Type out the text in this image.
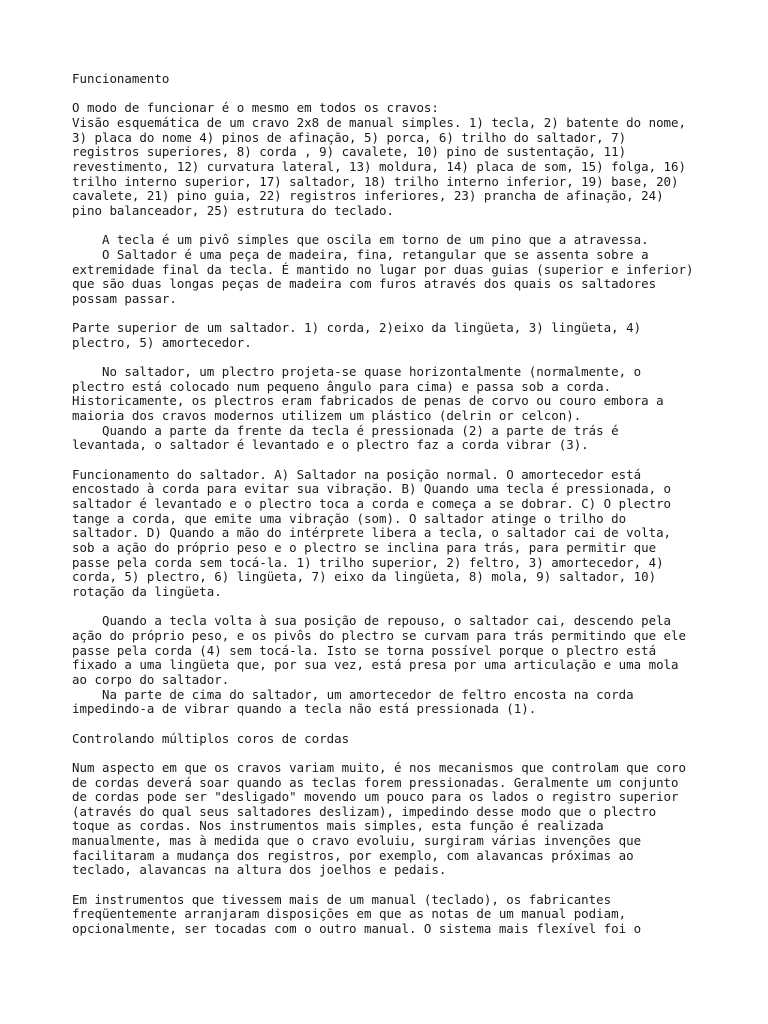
Funcionamento
O modo de funcionar é o mesmo em todos os cravos:
Visão esquemática de um cravo 2x8 de manual simples. 1) tecla, 2) batente do nome,
3) placa do nome 4) pinos de afinação, 5) porca, 6) trilho do saltador, 7)
registros superiores, 8) corda , 9) cavalete, 10) pino de sustentação, 11)
revestimento, 12) curvatura lateral, 13) moldura, 14) placa de som, 15) folga, 16)
trilho interno superior, 17) saltador, 18) trilho interno inferior, 19) base, 20)
cavalete, 21) pino guia, 22) registros inferiores, 23) prancha de afinação, 24)
pino balanceador, 25) estrutura do teclado.
A tecla é um pivô simples que oscila em torno de um pino que a atravessa.
O Saltador é uma peça de madeira, fina, retangular que se assenta sobre a
extremidade final da tecla. É mantido no lugar por duas guias (superior e inferior)
que são duas longas peças de madeira com furos através dos quais os saltadores
possam passar.
Parte superior de um saltador. 1) corda, 2)eixo da lingüeta, 3) lingüeta, 4)
plectro, 5) amortecedor.
No saltador, um plectro projeta-se quase horizontalmente (normalmente, o
plectro está colocado num pequeno ângulo para cima) e passa sob a corda.
Historicamente, os plectros eram fabricados de penas de corvo ou couro embora a
maioria dos cravos modernos utilizem um plástico (delrin or celcon).
Quando a parte da frente da tecla é pressionada (2) a parte de trás é
levantada, o saltador é levantado e o plectro faz a corda vibrar (3).
Funcionamento do saltador. A) Saltador na posição normal. O amortecedor está
encostado à corda para evitar sua vibração. B) Quando uma tecla é pressionada, o
saltador é levantado e o plectro toca a corda e começa a se dobrar. C) O plectro
tange a corda, que emite uma vibração (som). O saltador atinge o trilho do
saltador. D) Quando a mão do intérprete libera a tecla, o saltador cai de volta,
sob a ação do próprio peso e o plectro se inclina para trás, para permitir que
passe pela corda sem tocá-la. 1) trilho superior, 2) feltro, 3) amortecedor, 4)
corda, 5) plectro, 6) lingüeta, 7) eixo da lingüeta, 8) mola, 9) saltador, 10)
rotação da lingüeta.
Quando a tecla volta à sua posição de repouso, o saltador cai, descendo pela
ação do próprio peso, e os pivôs do plectro se curvam para trás permitindo que ele
passe pela corda (4) sem tocá-la. Isto se torna possível porque o plectro está
fixado a uma lingüeta que, por sua vez, está presa por uma articulação e uma mola
ao corpo do saltador.
Na parte de cima do saltador, um amortecedor de feltro encosta na corda
impedindo-a de vibrar quando a tecla não está pressionada (1).
Controlando múltiplos coros de cordas
Num aspecto em que os cravos variam muito, é nos mecanismos que controlam que coro
de cordas deverá soar quando as teclas forem pressionadas. Geralmente um conjunto
de cordas pode ser "desligado" movendo um pouco para os lados o registro superior
(através do qual seus saltadores deslizam), impedindo desse modo que o plectro
toque as cordas. Nos instrumentos mais simples, esta função é realizada
manualmente, mas à medida que o cravo evoluiu, surgiram várias invenções que
facilitaram a mudança dos registros, por exemplo, com alavancas próximas ao
teclado, alavancas na altura dos joelhos e pedais.
Em instrumentos que tivessem mais de um manual (teclado), os fabricantes
freqüentemente arranjaram disposições em que as notas de um manual podiam,
opcionalmente, ser tocadas com o outro manual. O sistema mais flexível foi o
